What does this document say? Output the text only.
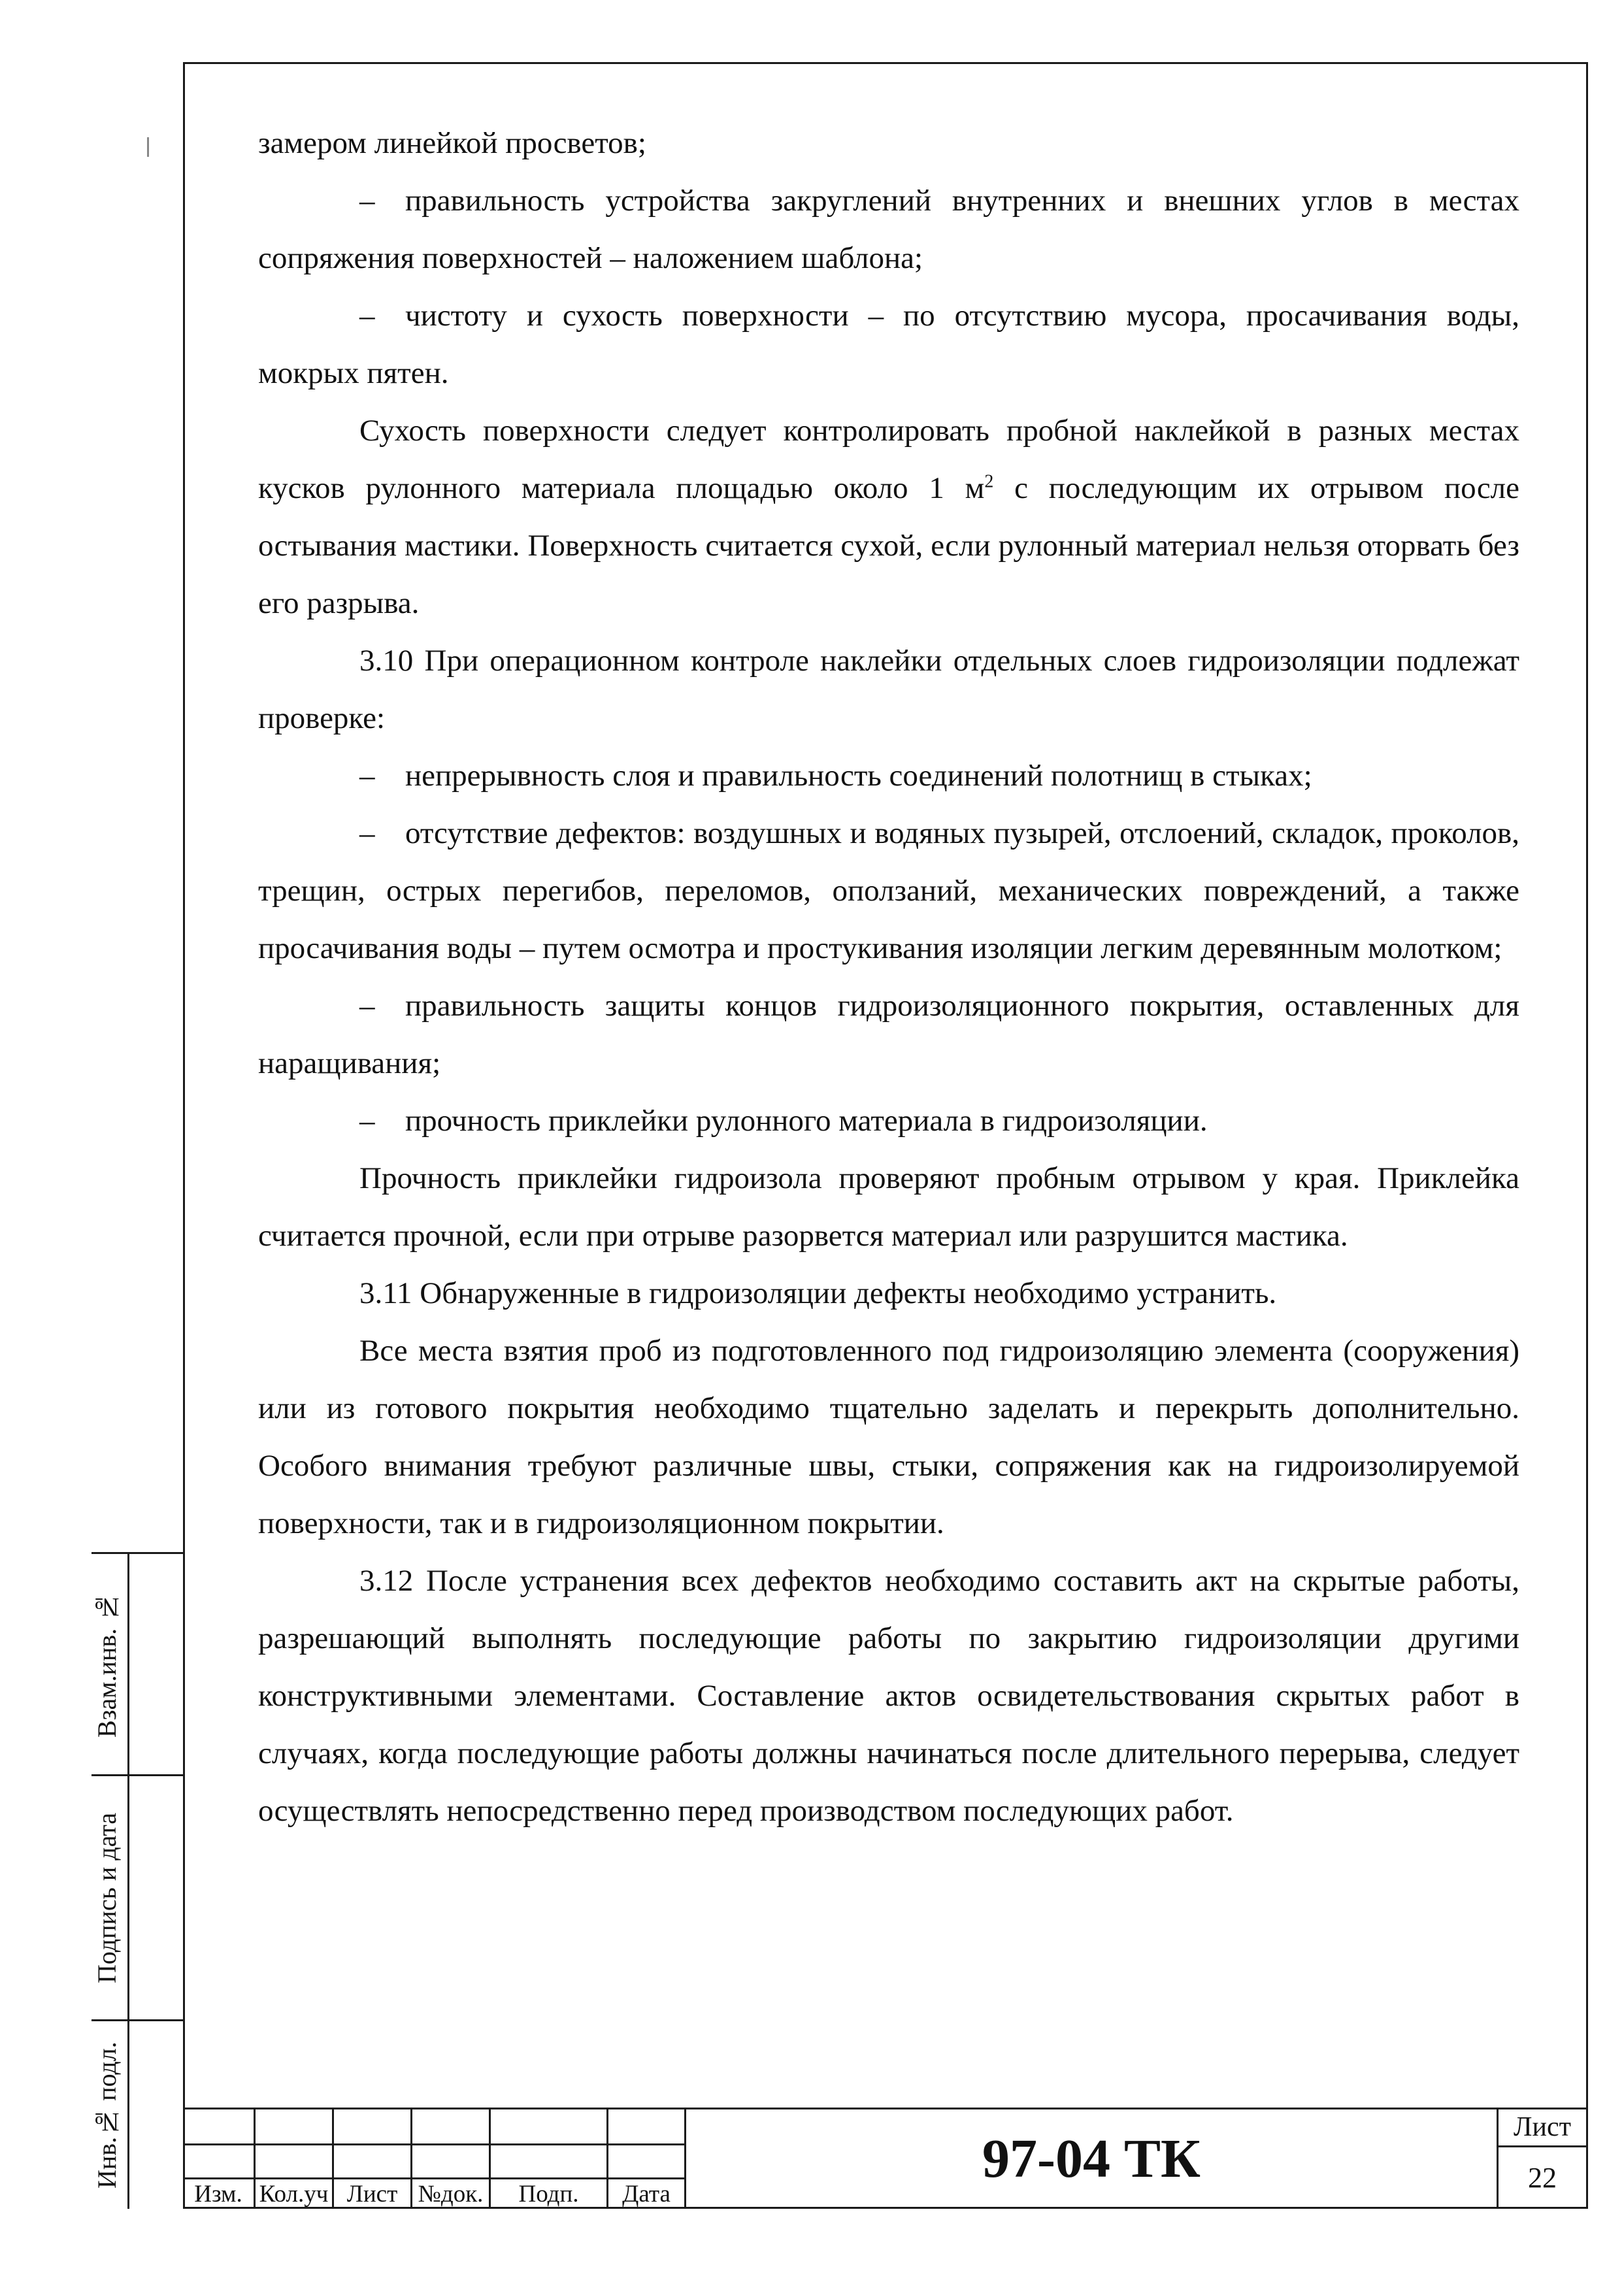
замером линейкой просветов;

– правильность устройства закруглений внутренних и внешних углов в местах сопряжения поверхностей – наложением шаблона;

– чистоту и сухость поверхности – по отсутствию мусора, просачивания воды, мокрых пятен.

Сухость поверхности следует контролировать пробной наклейкой в разных местах кусков рулонного материала площадью около 1 $м^2$ с последующим их отрывом после остывания мастики. Поверхность считается сухой, если рулонный материал нельзя оторвать без его разрыва.

3.10 При операционном контроле наклейки отдельных слоев гидроизоляции подлежат проверке:

– непрерывность слоя и правильность соединений полотнищ в стыках;

– отсутствие дефектов: воздушных и водяных пузырей, отслоений, складок, проколов, трещин, острых перегибов, переломов, оползаний, механических повреждений, а также просачивания воды – путем осмотра и простукивания изоляции легким деревянным молотком;

– правильность защиты концов гидроизоляционного покрытия, оставленных для наращивания;

– прочность приклейки рулонного материала в гидроизоляции.

Прочность приклейки гидроизола проверяют пробным отрывом у края. Приклейка считается прочной, если при отрыве разорвется материал или разрушится мастика.

3.11 Обнаруженные в гидроизоляции дефекты необходимо устранить.

Все места взятия проб из подготовленного под гидроизоляцию элемента (сооружения) или из готового покрытия необходимо тщательно заделать и перекрыть дополнительно. Особого внимания требуют различные швы, стыки, сопряжения как на гидроизолируемой поверхности, так и в гидроизоляционном покрытии.

3.12 После устранения всех дефектов необходимо составить акт на скрытые работы, разрешающий выполнять последующие работы по закрытию гидроизоляции другими конструктивными элементами. Составление актов освидетельствования скрытых работ в случаях, когда последующие работы должны начинаться после длительного перерыва, следует осуществлять непосредственно перед производством последующих работ.

Взам.инв. №
Подпись и дата
Инв.№ подл.
Изм. Кол.уч Лист №док.	Подп.	Дата
97-04 ТК
Лист
22
